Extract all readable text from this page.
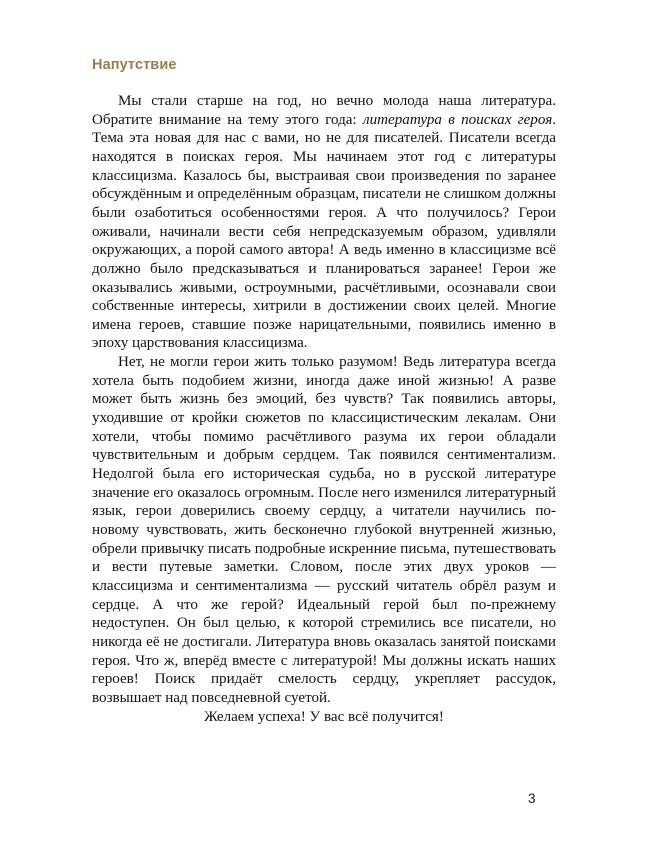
Напутствие

Мы стали старше на год, но вечно молода наша литература. Обратите внимание на тему этого года: литература в поисках героя. Тема эта новая для нас с вами, но не для писателей. Писатели всегда находятся в поисках героя. Мы начинаем этот год с литературы классицизма. Казалось бы, выстраивая свои произведения по заранее обсуждённым и определённым образцам, писатели не слишком должны были озаботиться особенностями героя. А что получилось? Герои оживали, начинали вести себя непредсказуемым образом, удивляли окружающих, а порой самого автора! А ведь именно в классицизме всё должно было предсказываться и планироваться заранее! Герои же оказывались живыми, остроумными, расчётливыми, осознавали свои собственные интересы, хитрили в достижении своих целей. Многие имена героев, ставшие позже нарицательными, появились именно в эпоху царствования классицизма.

Нет, не могли герои жить только разумом! Ведь литература всегда хотела быть подобием жизни, иногда даже иной жизнью! А разве может быть жизнь без эмоций, без чувств? Так появились авторы, уходившие от кройки сюжетов по классицистическим лекалам. Они хотели, чтобы помимо расчётливого разума их герои обладали чувствительным и добрым сердцем. Так появился сентиментализм. Недолгой была его историческая судьба, но в русской литературе значение его оказалось огромным. После него изменился литературный язык, герои доверились своему сердцу, а читатели научились по-новому чувствовать, жить бесконечно глубокой внутренней жизнью, обрели привычку писать подробные искренние письма, путешествовать и вести путевые заметки. Словом, после этих двух уроков — классицизма и сентиментализма — русский читатель обрёл разум и сердце. А что же герой? Идеальный герой был по-прежнему недоступен. Он был целью, к которой стремились все писатели, но никогда её не достигали. Литература вновь оказалась занятой поисками героя. Что ж, вперёд вместе с литературой! Мы должны искать наших героев! Поиск придаёт смелость сердцу, укрепляет рассудок, возвышает над повседневной суетой.

Желаем успеха! У вас всё получится!

3
